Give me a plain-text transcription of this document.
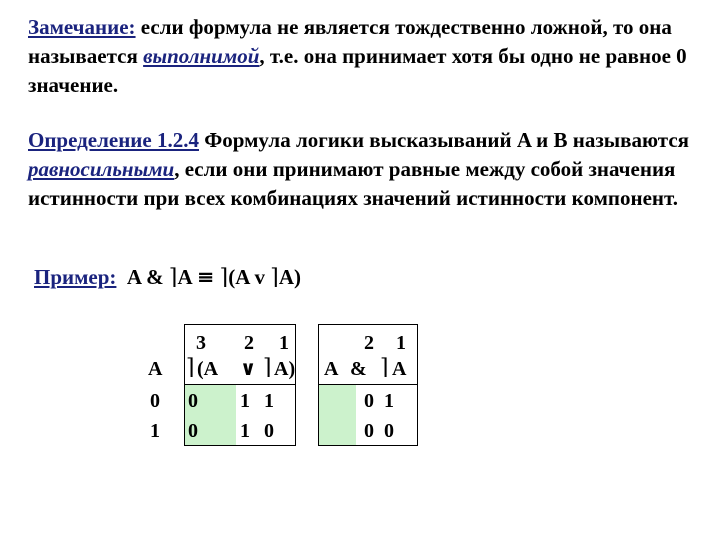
Замечание: если формула не является тождественно ложной, то она называется выполнимой, т.е. она принимает хотя бы одно не равное 0 значение.
Определение 1.2.4 Формула логики высказываний A и B называются равносильными, если они принимают равные между собой значения истинности при всех комбинациях значений истинности компонент.
Пример: A & ⌉A ≡ ⌉(A v ⌉A)
A
3 2 1
⌉ (A ∨ ⌉ A)
2 1
A & ⌉ A
0 0 1 1	0 1
1 0 1 0	0 0
